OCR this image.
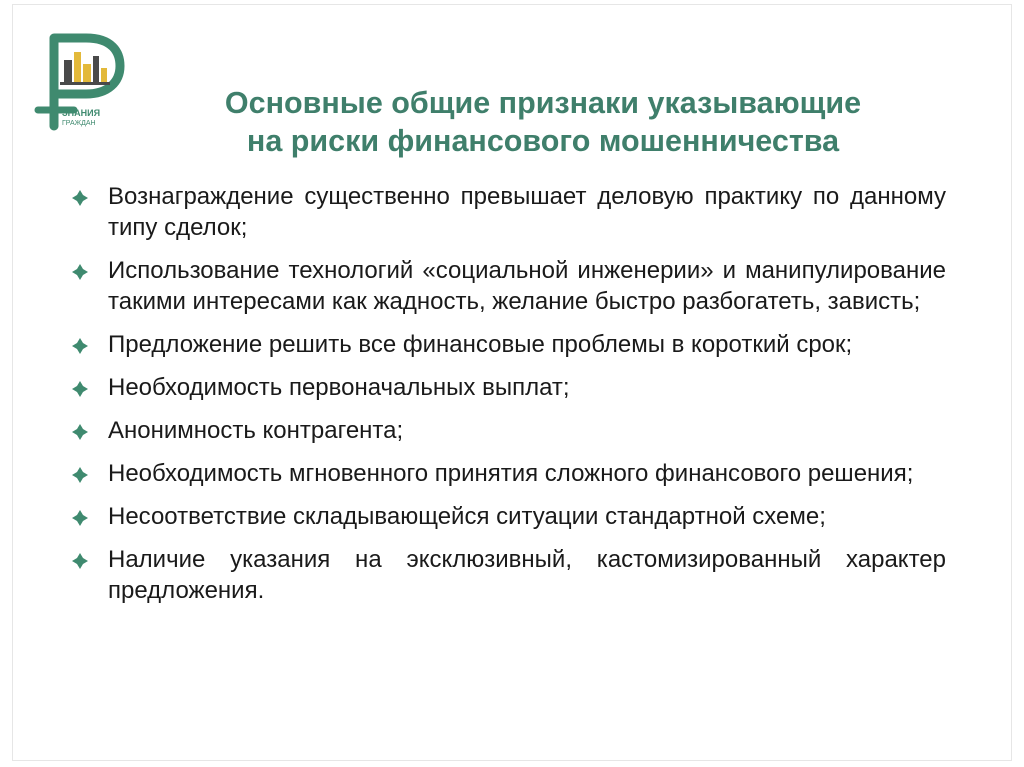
ЗНАНИЯ
ГРАЖДАН
Основные общие признаки указывающие
на риски финансового мошенничества
Вознаграждение существенно превышает деловую практику по данному типу сделок;
Использование технологий «социальной инженерии» и манипулирование такими интересами как жадность, желание быстро разбогатеть, зависть;
Предложение решить все финансовые проблемы в короткий срок;
Необходимость первоначальных выплат;
Анонимность контрагента;
Необходимость мгновенного принятия сложного финансового решения;
Несоответствие складывающейся ситуации стандартной схеме;
Наличие указания на эксклюзивный, кастомизированный характер предложения.
